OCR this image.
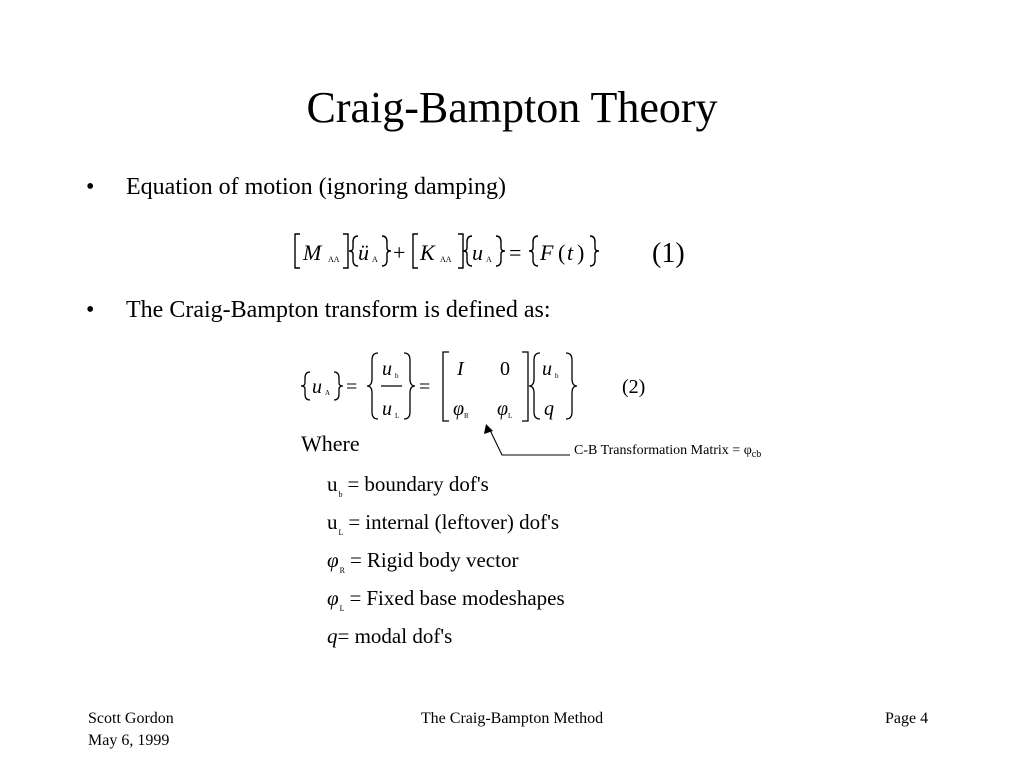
Craig-Bampton Theory
• Equation of motion (ignoring damping)
• The Craig-Bampton transform is defined as:
M AA ü A + K AA u A = F ( t ) (1)
u A =
u b
u L
=
I 0
φ R φ L
u b
q
(2)
Where	C-B Transformation Matrix = $\varphi_{cb}$
$u_b$ = boundary dof's
$u_L$ = internal (leftover) dof's
$\varphi_R$ = Rigid body vector
$\varphi_L$ = Fixed base modeshapes
q= modal dof's
Scott Gordon
May 6, 1999
The Craig-Bampton Method	Page 4
